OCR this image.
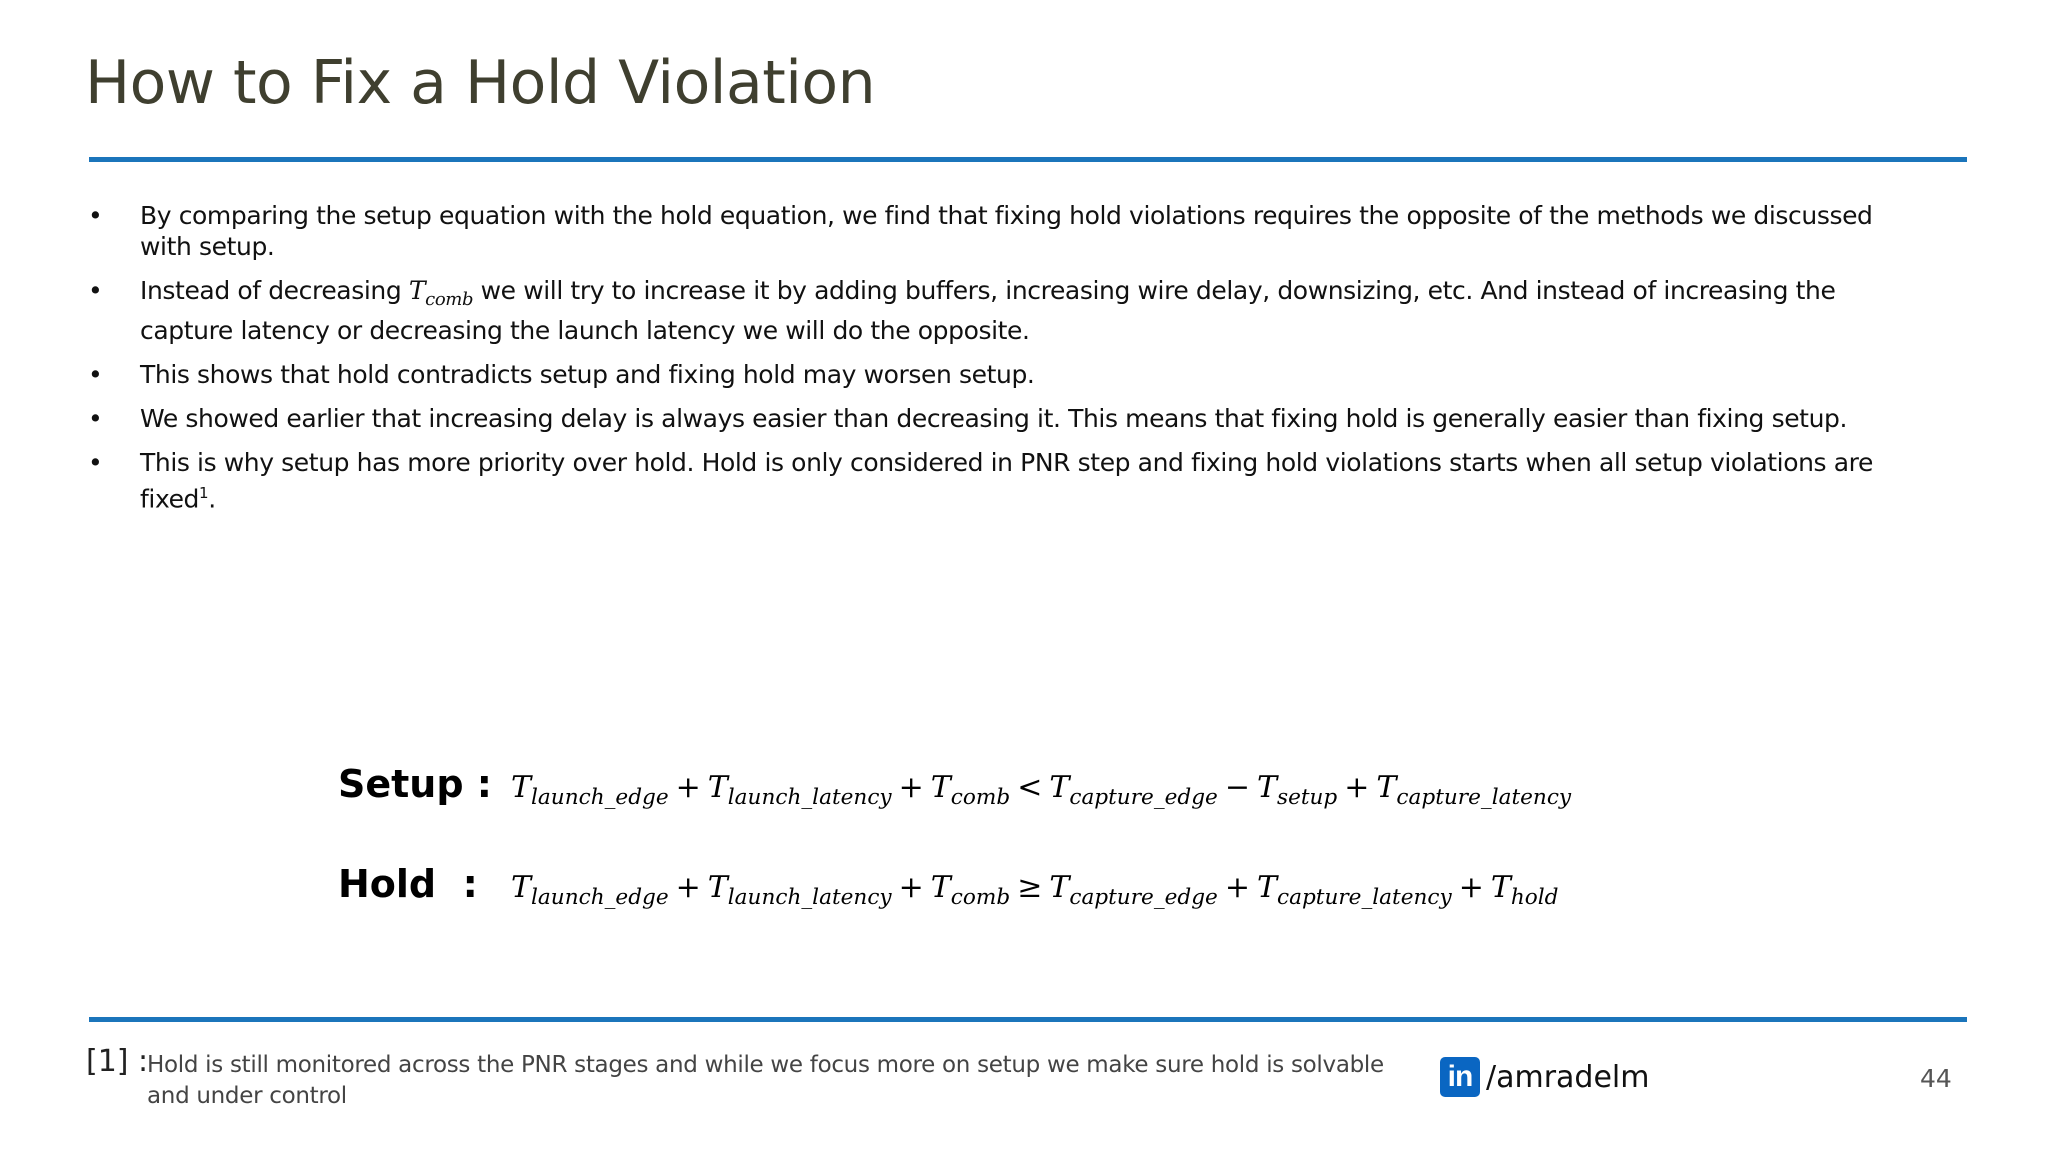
How to Fix a Hold Violation
• By comparing the setup equation with the hold equation, we find that fixing hold violations requires the opposite of the methods we discussed with setup.
• Instead of decreasing $T_{comb}$ we will try to increase it by adding buffers, increasing wire delay, downsizing, etc. And instead of increasing the capture latency or decreasing the launch latency we will do the opposite.
• This shows that hold contradicts setup and fixing hold may worsen setup.
• We showed earlier that increasing delay is always easier than decreasing it. This means that fixing hold is generally easier than fixing setup.
• This is why setup has more priority over hold. Hold is only considered in PNR step and fixing hold violations starts when all setup violations are fixed$^1$.
Setup : $T_{launch\_edge} + T_{launch\_latency} + T_{comb} < T_{capture\_edge} - T_{setup} + T_{capture\_latency}$
Hold  :	$T_{launch\_edge} + T_{launch\_latency} + T_{comb} \ge T_{capture\_edge} + T_{capture\_latency} + T_{hold}$
[1] :
Hold is still monitored across the PNR stages and while we focus more on setup we make sure hold is solvable and under control
in /amradelm	44
